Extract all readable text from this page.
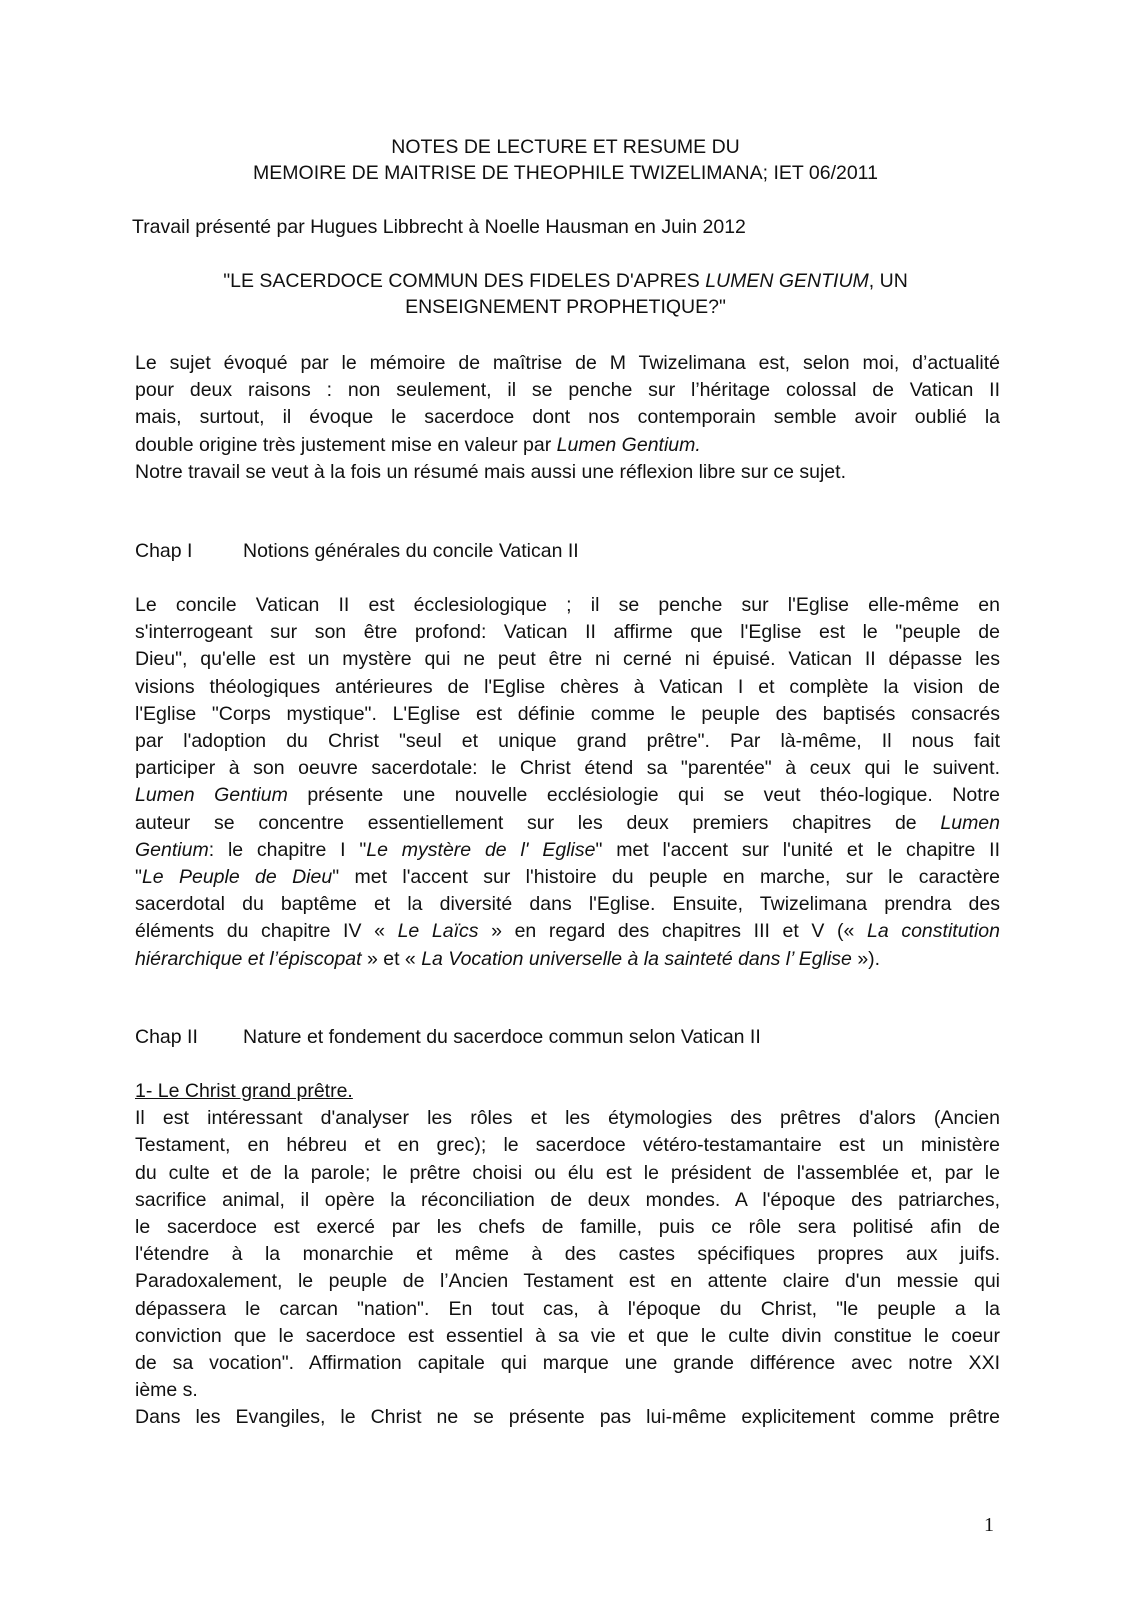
NOTES DE LECTURE ET RESUME DU
MEMOIRE DE MAITRISE DE THEOPHILE TWIZELIMANA; IET 06/2011
Travail présenté par Hugues Libbrecht à Noelle Hausman en Juin 2012
"LE SACERDOCE COMMUN DES FIDELES D'APRES LUMEN GENTIUM, UN
ENSEIGNEMENT PROPHETIQUE?"
Le sujet évoqué par le mémoire de maîtrise de M Twizelimana est, selon moi, d’actualité
pour deux raisons : non seulement, il se penche sur l’héritage colossal de Vatican II
mais, surtout, il évoque le sacerdoce dont nos contemporain semble avoir oublié la
double origine très justement mise en valeur par Lumen Gentium.
Notre travail se veut à la fois un résumé mais aussi une réflexion libre sur ce sujet.
Chap I	Notions générales du concile Vatican II
Le concile Vatican II est écclesiologique ; il se penche sur l'Eglise elle-même en
s'interrogeant sur son être profond: Vatican II affirme que l'Eglise est le "peuple de
Dieu", qu'elle est un mystère qui ne peut être ni cerné ni épuisé. Vatican II dépasse les
visions théologiques antérieures de l'Eglise chères à Vatican I et complète la vision de
l'Eglise "Corps mystique". L'Eglise est définie comme le peuple des baptisés consacrés
par l'adoption du Christ "seul et unique grand prêtre". Par là-même, Il nous fait
participer à son oeuvre sacerdotale: le Christ étend sa "parentée" à ceux qui le suivent.
Lumen Gentium présente une nouvelle ecclésiologie qui se veut théo-logique. Notre
auteur se concentre essentiellement sur les deux premiers chapitres de Lumen
Gentium: le chapitre I "Le mystère de l' Eglise" met l'accent sur l'unité et le chapitre II
"Le Peuple de Dieu" met l'accent sur l'histoire du peuple en marche, sur le caractère
sacerdotal du baptême et la diversité dans l'Eglise. Ensuite, Twizelimana prendra des
éléments du chapitre IV « Le Laïcs » en regard des chapitres III et V (« La constitution
hiérarchique et l’épiscopat » et « La Vocation universelle à la sainteté dans l’ Eglise »).
Chap II Nature et fondement du sacerdoce commun selon Vatican II
1- Le Christ grand prêtre.
Il est intéressant d'analyser les rôles et les étymologies des prêtres d'alors (Ancien
Testament, en hébreu et en grec); le sacerdoce vétéro-testamantaire est un ministère
du culte et de la parole; le prêtre choisi ou élu est le président de l'assemblée et, par le
sacrifice animal, il opère la réconciliation de deux mondes. A l'époque des patriarches,
le sacerdoce est exercé par les chefs de famille, puis ce rôle sera politisé afin de
l'étendre à la monarchie et même à des castes spécifiques propres aux juifs.
Paradoxalement, le peuple de l’Ancien Testament est en attente claire d'un messie qui
dépassera le carcan "nation". En tout cas, à l'époque du Christ, "le peuple a la
conviction que le sacerdoce est essentiel à sa vie et que le culte divin constitue le coeur
de sa vocation". Affirmation capitale qui marque une grande différence avec notre XXI
ième s.
Dans les Evangiles, le Christ ne se présente pas lui-même explicitement comme prêtre
1
